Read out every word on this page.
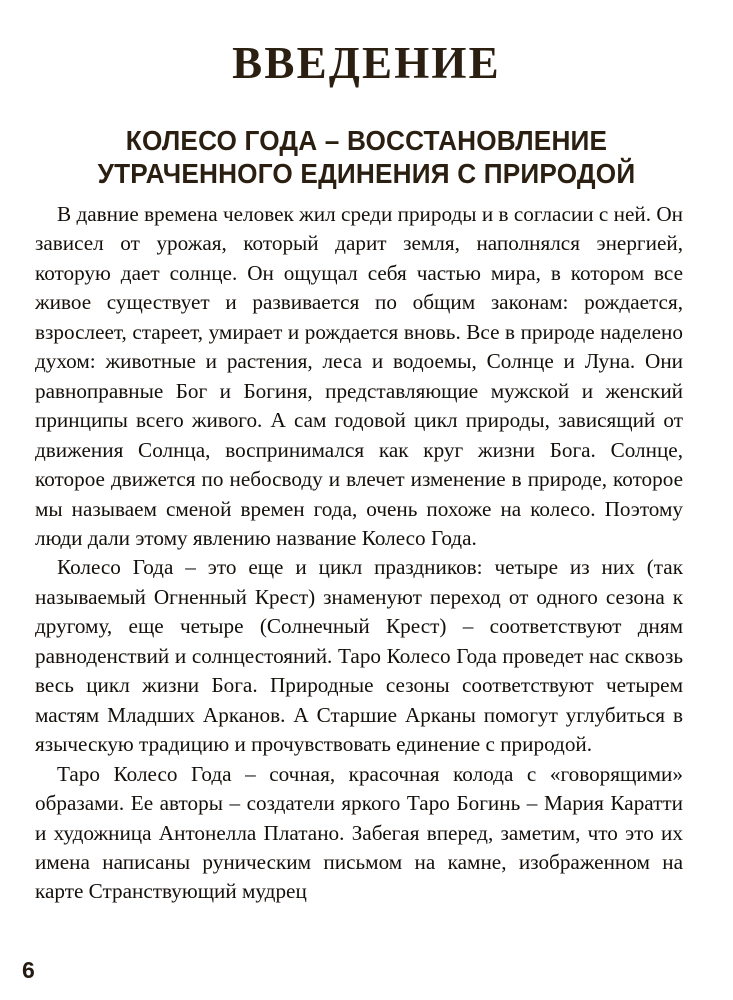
ВВЕДЕНИЕ
КОЛЕСО ГОДА – ВОССТАНОВЛЕНИЕ
УТРАЧЕННОГО ЕДИНЕНИЯ С ПРИРОДОЙ

В давние времена человек жил среди природы и в согласии с ней. Он зависел от урожая, который дарит земля, наполнялся энергией, которую дает солнце. Он ощущал себя частью мира, в котором все живое существует и развивается по общим законам: рождается, взрослеет, стареет, умирает и рождается вновь. Все в природе наделено духом: животные и растения, леса и водоемы, Солнце и Луна. Они равноправные Бог и Богиня, представляющие мужской и женский принципы всего живого. А сам годовой цикл природы, зависящий от движения Солнца, воспринимался как круг жизни Бога. Солнце, которое движется по небосводу и влечет изменение в природе, которое мы называем сменой времен года, очень похоже на колесо. Поэтому люди дали этому явлению название Колесо Года.

Колесо Года – это еще и цикл праздников: четыре из них (так называемый Огненный Крест) знаменуют переход от одного сезона к другому, еще четыре (Солнечный Крест) – соответствуют дням равноденствий и солнцестояний. Таро Колесо Года проведет нас сквозь весь цикл жизни Бога. Природные сезоны соответствуют четырем мастям Младших Арканов. А Старшие Арканы помогут углубиться в языческую традицию и прочувствовать единение с природой.

Таро Колесо Года – сочная, красочная колода с «говорящими» образами. Ее авторы – создатели яркого Таро Богинь – Мария Каратти и художница Антонелла Платано. Забегая вперед, заметим, что это их имена написаны руническим письмом на камне, изображенном на карте Странствующий мудрец

6
